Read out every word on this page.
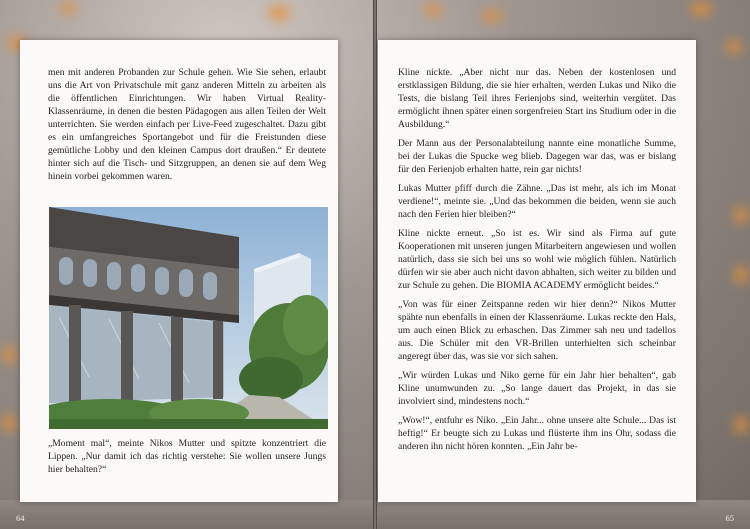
men mit anderen Probanden zur Schule gehen. Wie Sie sehen, erlaubt uns die Art von Privatschule mit ganz anderen Mitteln zu arbeiten als die öffentlichen Einrichtungen. Wir haben Virtual Reality-Klassenräume, in denen die besten Pädagogen aus allen Teilen der Welt unterrichten. Sie werden einfach per Live-Feed zugeschaltet. Dazu gibt es ein umfangreiches Sportangebot und für die Freistunden diese gemütliche Lobby und den kleinen Campus dort draußen.“ Er deutete hinter sich auf die Tisch- und Sitzgruppen, an denen sie auf dem Weg hinein vorbei gekommen waren.
„Moment mal“, meinte Nikos Mutter und spitzte konzentriert die Lippen. „Nur damit ich das richtig verstehe: Sie wollen unsere Jungs hier behalten?“

Kline nickte. „Aber nicht nur das. Neben der kostenlosen und erstklassigen Bildung, die sie hier erhalten, werden Lukas und Niko die Tests, die bislang Teil ihres Ferienjobs sind, weiterhin vergütet. Das ermöglicht ihnen später einen sorgenfreien Start ins Studium oder in die Ausbildung.“

Der Mann aus der Personalabteilung nannte eine monatliche Summe, bei der Lukas die Spucke weg blieb. Dagegen war das, was er bislang für den Ferienjob erhalten hatte, rein gar nichts!

Lukas Mutter pfiff durch die Zähne. „Das ist mehr, als ich im Monat verdiene!“, meinte sie. „Und das bekommen die beiden, wenn sie auch nach den Ferien hier bleiben?“

Kline nickte erneut. „So ist es. Wir sind als Firma auf gute Kooperationen mit unseren jungen Mitarbeitern angewiesen und wollen natürlich, dass sie sich bei uns so wohl wie möglich fühlen. Natürlich dürfen wir sie aber auch nicht davon abhalten, sich weiter zu bilden und zur Schule zu gehen. Die BIOMIA ACADEMY ermöglicht beides.“

„Von was für einer Zeitspanne reden wir hier denn?“ Nikos Mutter spähte nun ebenfalls in einen der Klassenräume. Lukas reckte den Hals, um auch einen Blick zu erhaschen. Das Zimmer sah neu und tadellos aus. Die Schüler mit den VR-Brillen unterhielten sich scheinbar angeregt über das, was sie vor sich sahen.

„Wir würden Lukas und Niko gerne für ein Jahr hier behalten“, gab Kline unumwunden zu. „So lange dauert das Projekt, in das sie involviert sind, mindestens noch.“

„Wow!“, entfuhr es Niko. „Ein Jahr... ohne unsere alte Schule... Das ist heftig!“ Er beugte sich zu Lukas und flüsterte ihm ins Ohr, sodass die anderen ihn nicht hören konnten. „Ein Jahr be-

64	65
